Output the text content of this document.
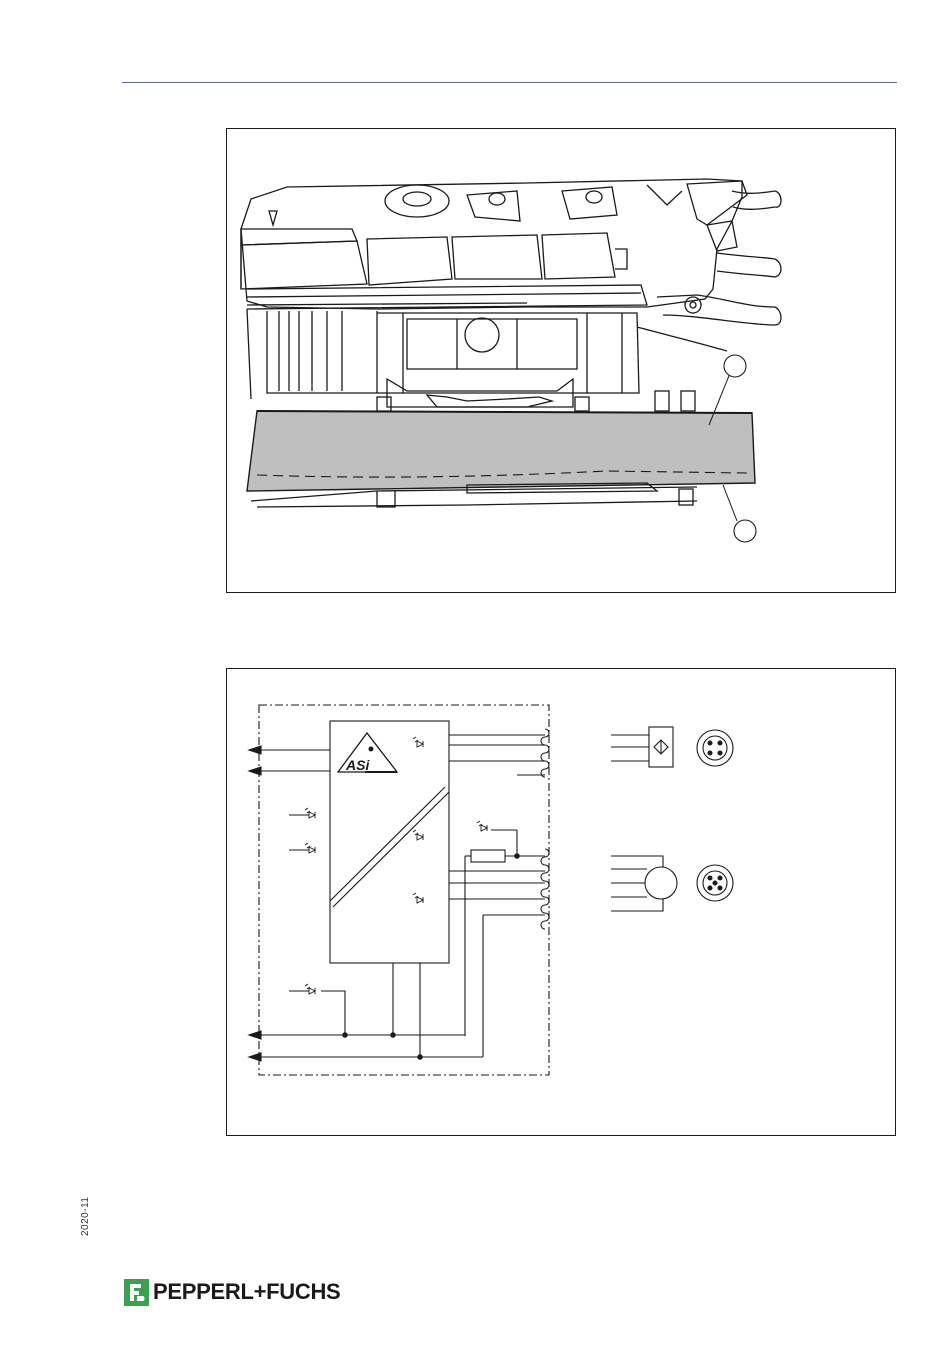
ASi
2020-11
PEPPERL+FUCHS
